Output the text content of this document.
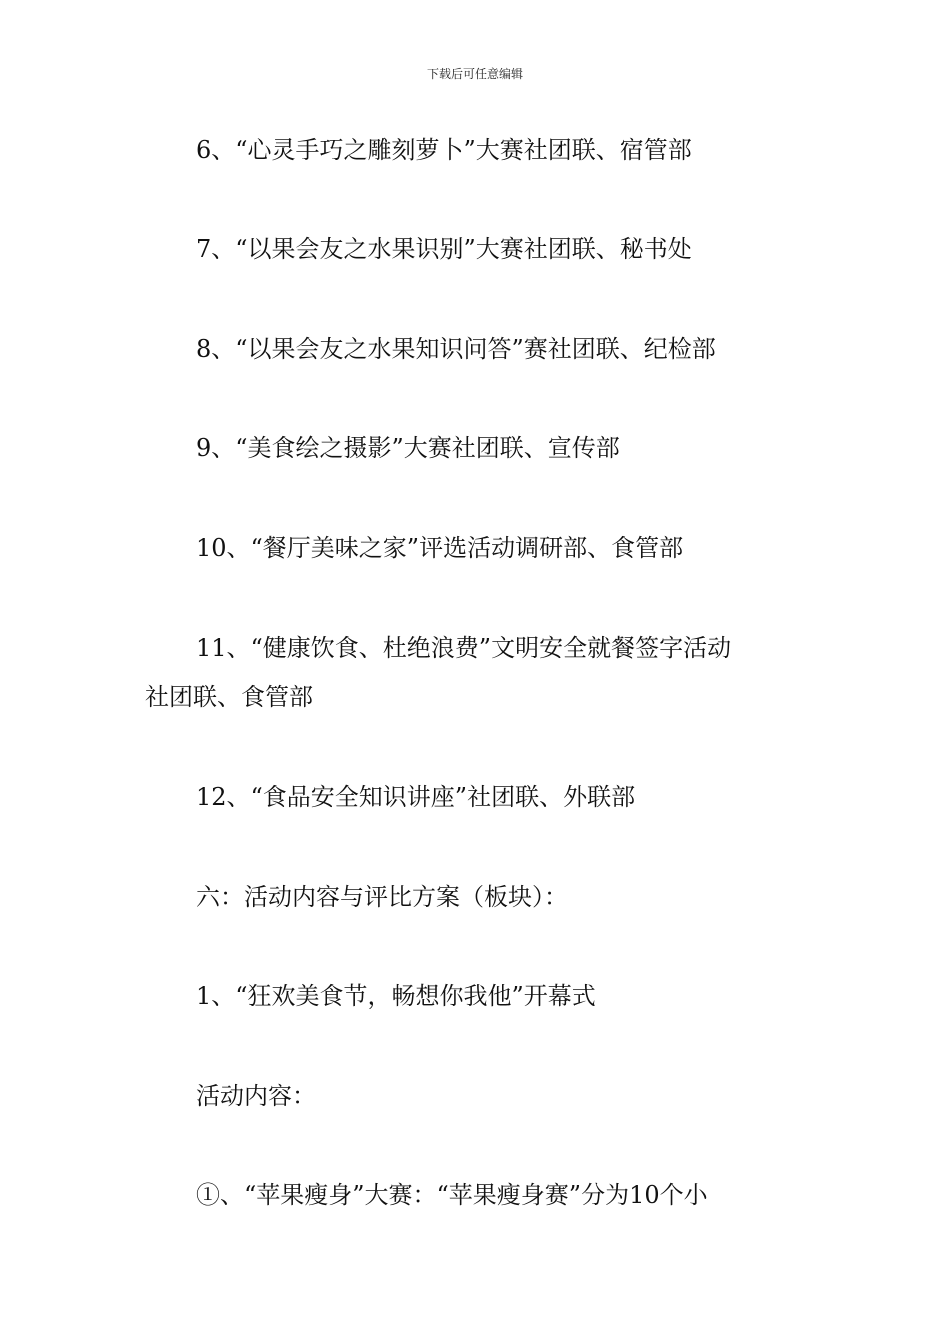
下载后可任意编辑
6、“心灵手巧之雕刻萝卜”大赛社团联、宿管部
7、“以果会友之水果识别”大赛社团联、秘书处
8、“以果会友之水果知识问答”赛社团联、纪检部
9、“美食绘之摄影”大赛社团联、宣传部
10、“餐厅美味之家”评选活动调研部、食管部
11、“健康饮食、杜绝浪费”文明安全就餐签字活动
社团联、食管部
12、“食品安全知识讲座”社团联、外联部
六：活动内容与评比方案（板块）：
1、“狂欢美食节，畅想你我他”开幕式
活动内容：
①、“苹果瘦身”大赛：“苹果瘦身赛”分为10个小
